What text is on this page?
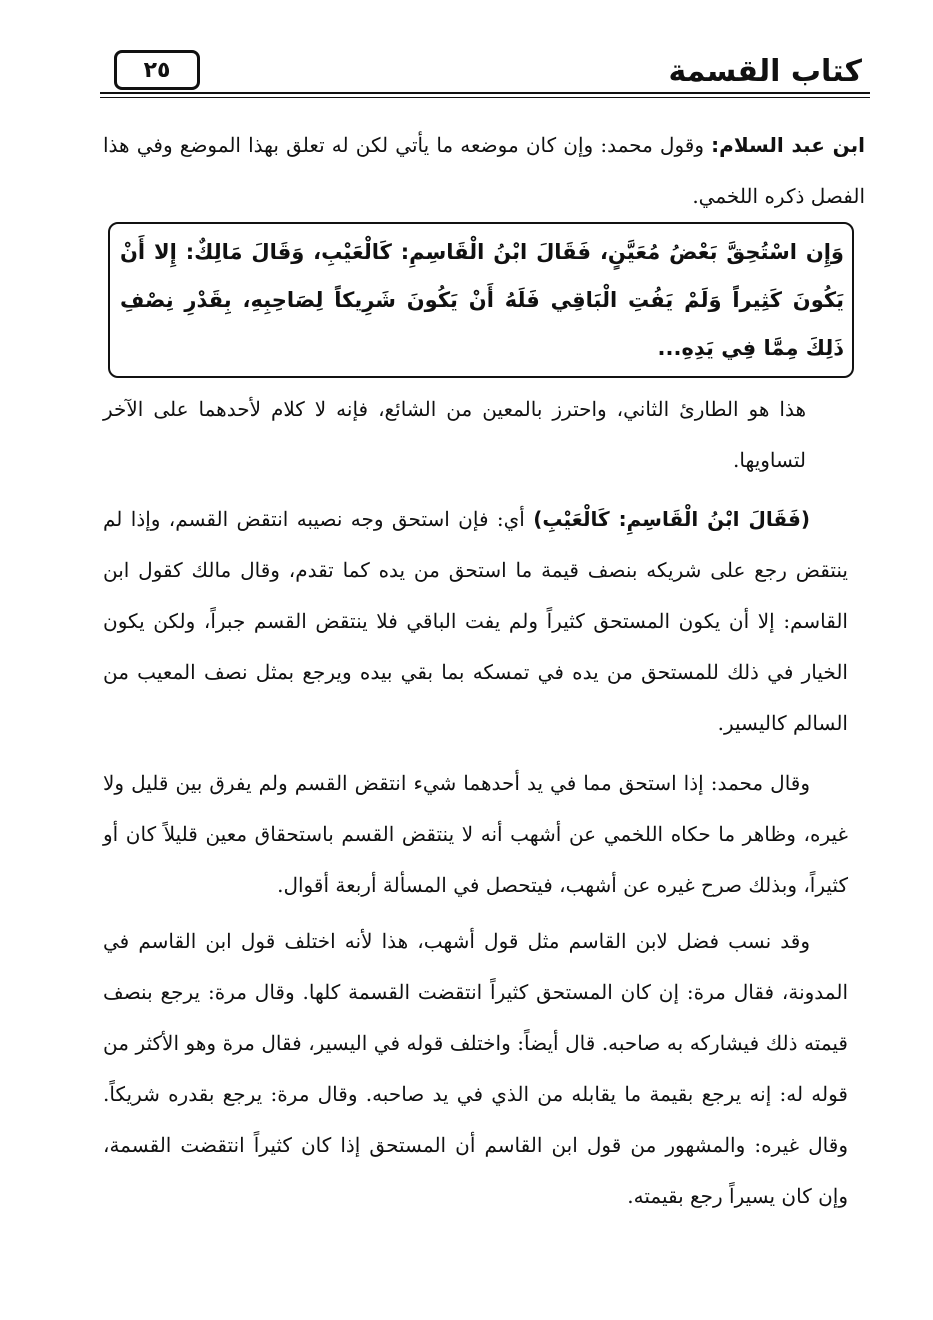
كتاب القسمة
٢٥
ابن عبد السلام: وقول محمد: وإن كان موضعه ما يأتي لكن له تعلق بهذا الموضع وفي هذا الفصل ذكره اللخمي.
وَإِن اسْتُحِقَّ بَعْضُ مُعَيَّنٍ، فَقَالَ ابْنُ الْقَاسِمِ: كَالْعَيْبِ، وَقَالَ مَالِكٌ: إِلا أَنْ يَكُونَ كَثِيراً وَلَمْ يَفُتِ الْبَاقِي فَلَهُ أَنْ يَكُونَ شَرِيكاً لِصَاحِبِهِ، بِقَدْرِ نِصْفِ ذَلِكَ مِمَّا فِي يَدِهِ...
هذا هو الطارئ الثاني، واحترز بالمعين من الشائع، فإنه لا كلام لأحدهما على الآخر لتساويها.
(فَقَالَ ابْنُ الْقَاسِمِ: كَالْعَيْبِ) أي: فإن استحق وجه نصيبه انتقض القسم، وإذا لم ينتقض رجع على شريكه بنصف قيمة ما استحق من يده كما تقدم، وقال مالك كقول ابن القاسم: إلا أن يكون المستحق كثيراً ولم يفت الباقي فلا ينتقض القسم جبراً، ولكن يكون الخيار في ذلك للمستحق من يده في تمسكه بما بقي بيده ويرجع بمثل نصف المعيب من السالم كاليسير.
وقال محمد: إذا استحق مما في يد أحدهما شيء انتقض القسم ولم يفرق بين قليل ولا غيره، وظاهر ما حكاه اللخمي عن أشهب أنه لا ينتقض القسم باستحقاق معين قليلاً كان أو كثيراً، وبذلك صرح غيره عن أشهب، فيتحصل في المسألة أربعة أقوال.
وقد نسب فضل لابن القاسم مثل قول أشهب، هذا لأنه اختلف قول ابن القاسم في المدونة، فقال مرة: إن كان المستحق كثيراً انتقضت القسمة كلها. وقال مرة: يرجع بنصف قيمته ذلك فيشاركه به صاحبه. قال أيضاً: واختلف قوله في اليسير، فقال مرة وهو الأكثر من قوله له: إنه يرجع بقيمة ما يقابله من الذي في يد صاحبه. وقال مرة: يرجع بقدره شريكاً. وقال غيره: والمشهور من قول ابن القاسم أن المستحق إذا كان كثيراً انتقضت القسمة، وإن كان يسيراً رجع بقيمته.
